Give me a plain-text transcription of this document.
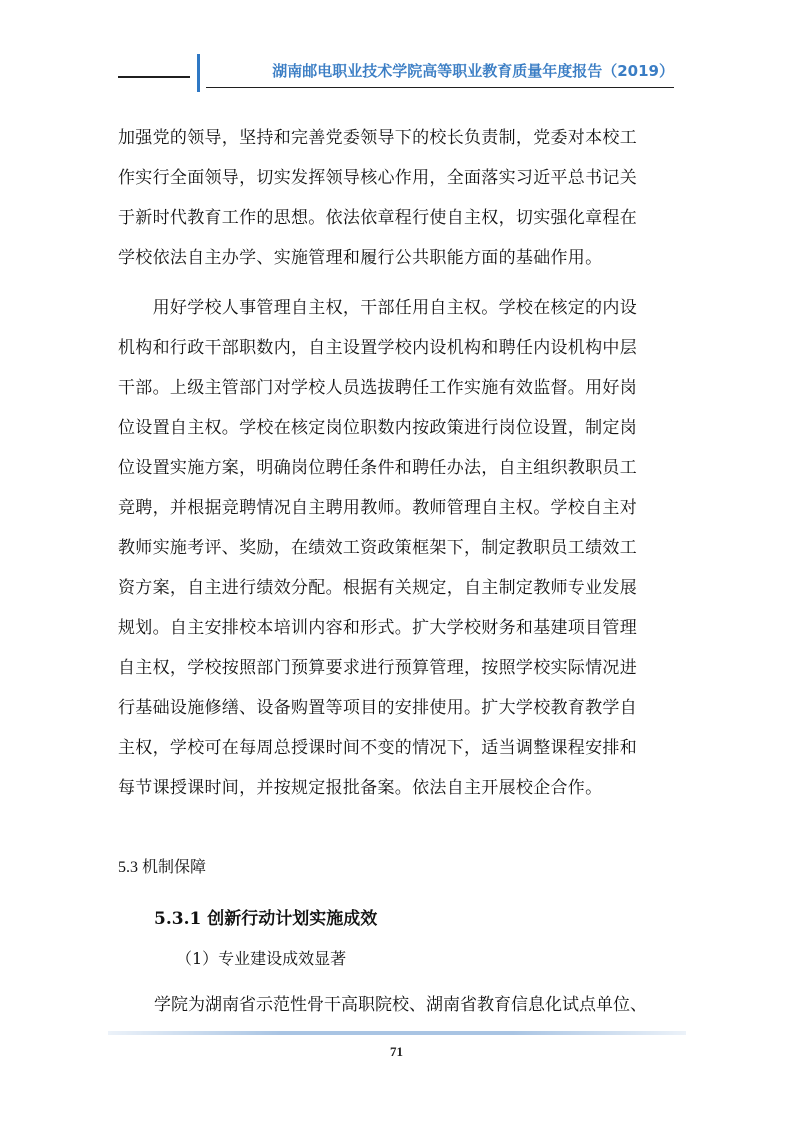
湖南邮电职业技术学院高等职业教育质量年度报告（2019）
加强党的领导，坚持和完善党委领导下的校长负责制，党委对本校工
作实行全面领导，切实发挥领导核心作用，全面落实习近平总书记关
于新时代教育工作的思想。依法依章程行使自主权，切实强化章程在
学校依法自主办学、实施管理和履行公共职能方面的基础作用。
　　用好学校人事管理自主权，干部任用自主权。学校在核定的内设
机构和行政干部职数内，自主设置学校内设机构和聘任内设机构中层
干部。上级主管部门对学校人员选拔聘任工作实施有效监督。用好岗
位设置自主权。学校在核定岗位职数内按政策进行岗位设置，制定岗
位设置实施方案，明确岗位聘任条件和聘任办法，自主组织教职员工
竞聘，并根据竞聘情况自主聘用教师。教师管理自主权。学校自主对
教师实施考评、奖励，在绩效工资政策框架下，制定教职员工绩效工
资方案，自主进行绩效分配。根据有关规定，自主制定教师专业发展
规划。自主安排校本培训内容和形式。扩大学校财务和基建项目管理
自主权，学校按照部门预算要求进行预算管理，按照学校实际情况进
行基础设施修缮、设备购置等项目的安排使用。扩大学校教育教学自
主权，学校可在每周总授课时间不变的情况下，适当调整课程安排和
每节课授课时间，并按规定报批备案。依法自主开展校企合作。
5.3 机制保障
5.3.1 创新行动计划实施成效
（1）专业建设成效显著
学院为湖南省示范性骨干高职院校、湖南省教育信息化试点单位、
71
